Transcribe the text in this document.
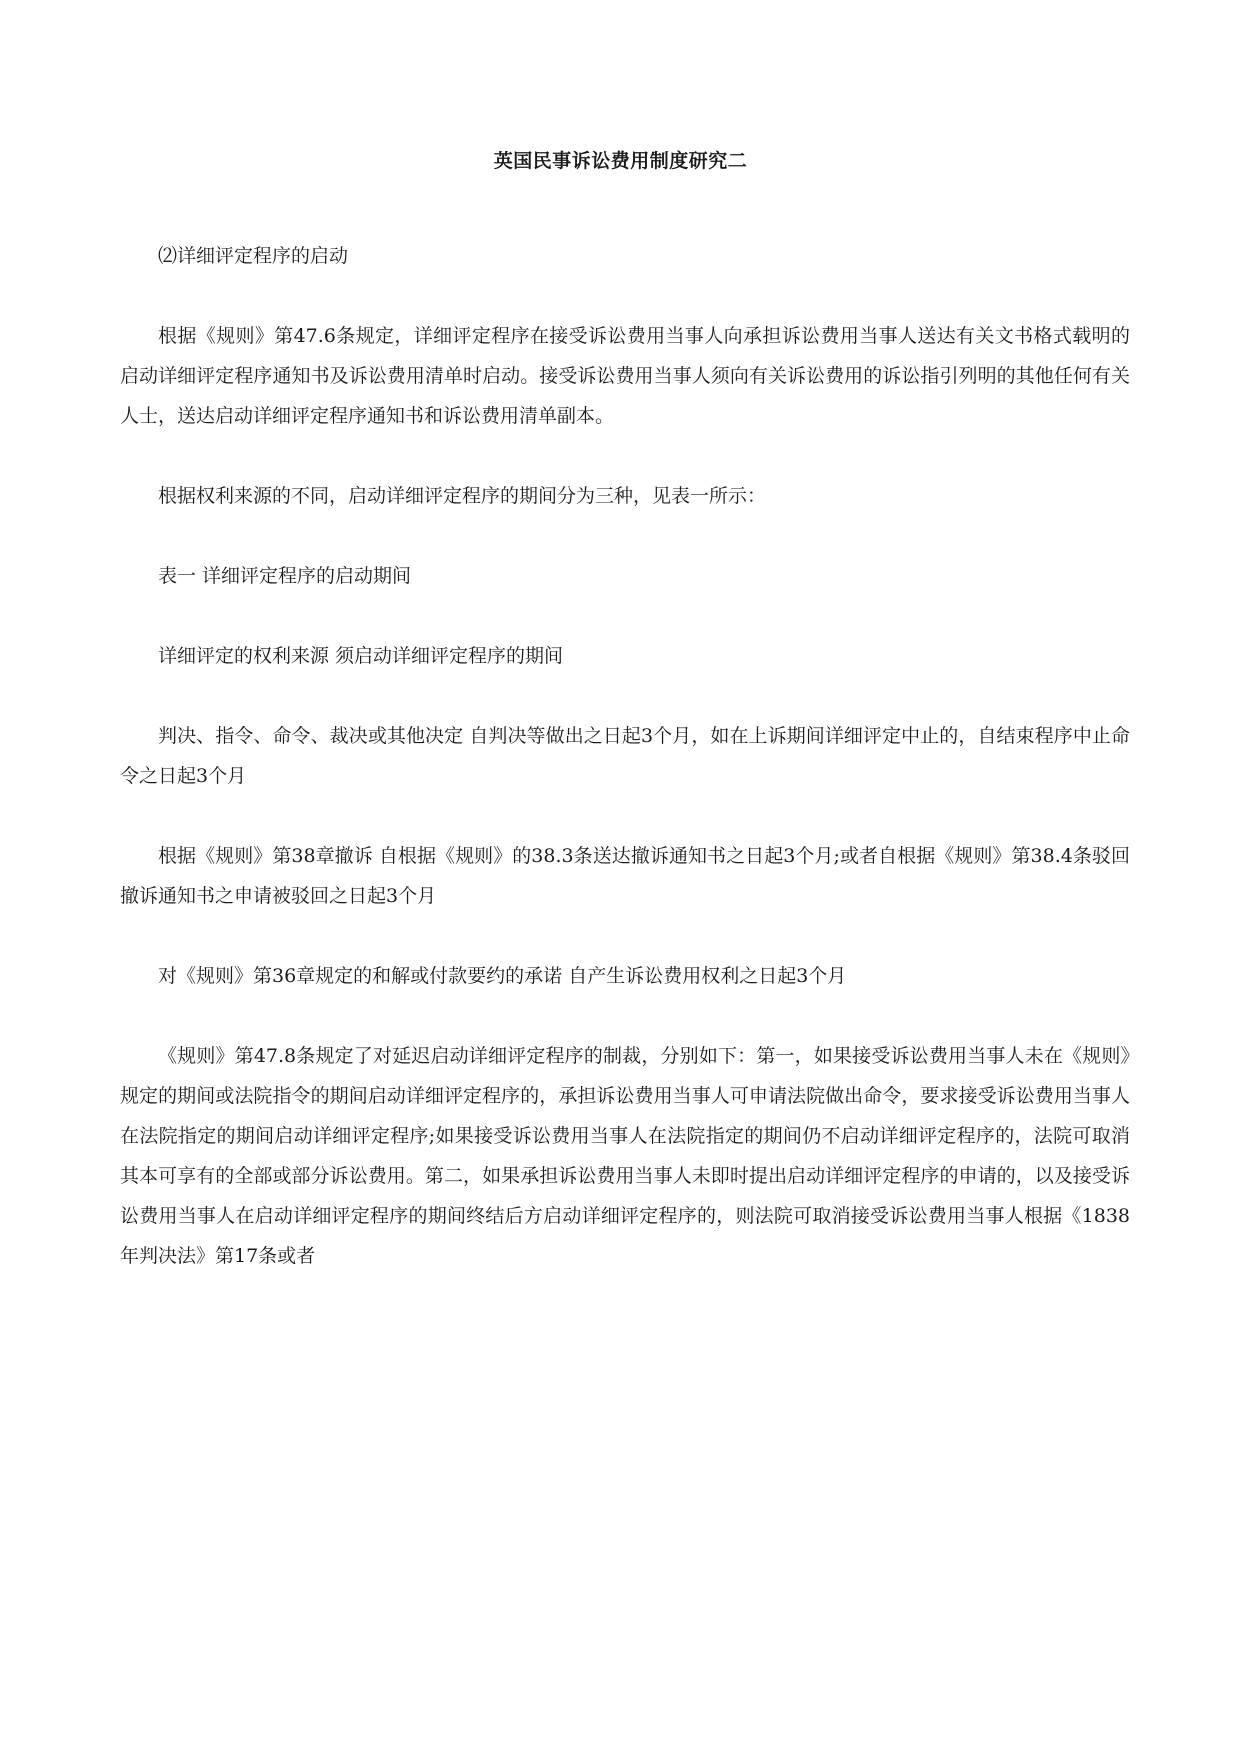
英国民事诉讼费用制度研究二

⑵详细评定程序的启动

根据《规则》第47.6条规定，详细评定程序在接受诉讼费用当事人向承担诉讼费用当事人送达有关文书格式载明的启动详细评定程序通知书及诉讼费用清单时启动。接受诉讼费用当事人须向有关诉讼费用的诉讼指引列明的其他任何有关人士，送达启动详细评定程序通知书和诉讼费用清单副本。

根据权利来源的不同，启动详细评定程序的期间分为三种，见表一所示：

表一 详细评定程序的启动期间

详细评定的权利来源 须启动详细评定程序的期间

判决、指令、命令、裁决或其他决定 自判决等做出之日起3个月，如在上诉期间详细评定中止的，自结束程序中止命令之日起3个月

根据《规则》第38章撤诉 自根据《规则》的38.3条送达撤诉通知书之日起3个月;或者自根据《规则》第38.4条驳回撤诉通知书之申请被驳回之日起3个月

对《规则》第36章规定的和解或付款要约的承诺 自产生诉讼费用权利之日起3个月

《规则》第47.8条规定了对延迟启动详细评定程序的制裁，分别如下：第一，如果接受诉讼费用当事人未在《规则》规定的期间或法院指令的期间启动详细评定程序的，承担诉讼费用当事人可申请法院做出命令，要求接受诉讼费用当事人在法院指定的期间启动详细评定程序;如果接受诉讼费用当事人在法院指定的期间仍不启动详细评定程序的，法院可取消其本可享有的全部或部分诉讼费用。第二，如果承担诉讼费用当事人未即时提出启动详细评定程序的申请的，以及接受诉讼费用当事人在启动详细评定程序的期间终结后方启动详细评定程序的，则法院可取消接受诉讼费用当事人根据《1838年判决法》第17条或者
